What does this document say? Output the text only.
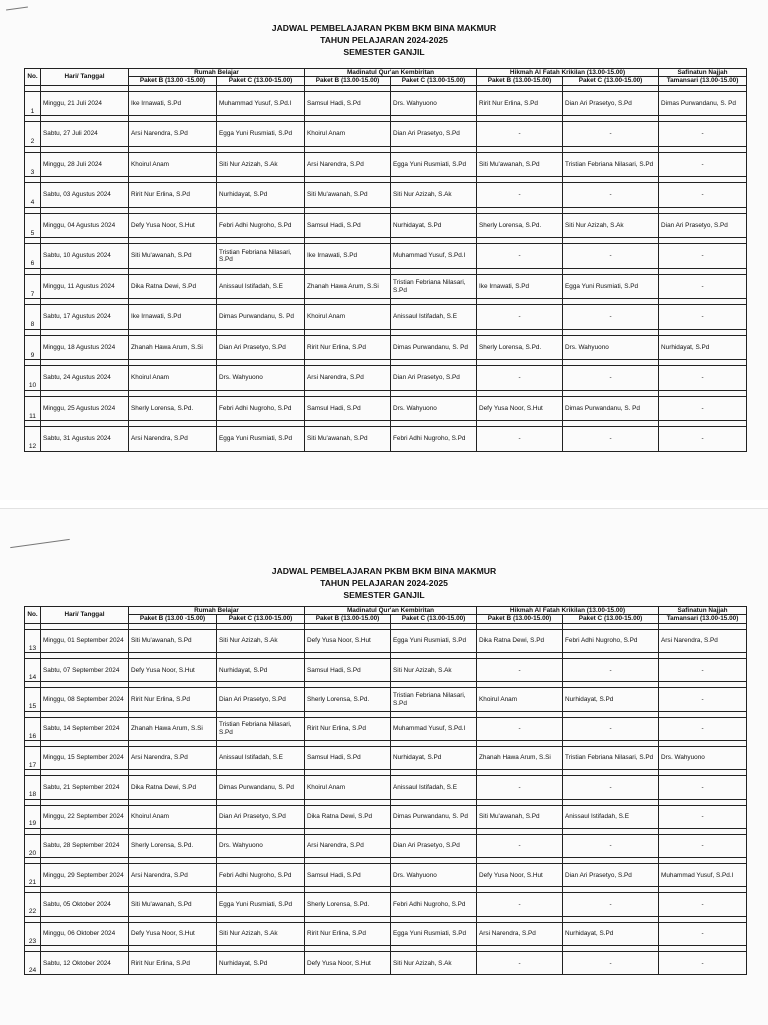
JADWAL PEMBELAJARAN PKBM BKM BINA MAKMUR
TAHUN PELAJARAN 2024-2025
SEMESTER GANJIL
No.	Hari/ Tanggal	Rumah Belajar		Madinatul Qur'an Kembiritan		Hikmah Al Fatah Krikilan (13.00-15.00)		Safinatun Najjah
		Paket B (13.00 -15.00)	Paket C (13.00-15.00)	Paket B (13.00-15.00)	Paket C (13.00-15.00)	Paket B (13.00-15.00)	Paket C (13.00-15.00)	Tamansari (13.00-15.00)

1	Minggu, 21 Juli 2024	Ike Irnawati, S.Pd	Muhammad Yusuf, S.Pd.I	Samsul Hadi, S.Pd	Drs. Wahyuono	Ririt Nur Erlina, S.Pd	Dian Ari Prasetyo, S.Pd	Dimas Purwandanu, S. Pd

2	Sabtu, 27 Juli 2024	Arsi Narendra, S.Pd	Egga Yuni Rusmiati, S.Pd	Khoirul Anam	Dian Ari Prasetyo, S.Pd	-	-	-

3	Minggu, 28 Juli 2024	Khoirul Anam	Siti Nur Azizah, S.Ak	Arsi Narendra, S.Pd	Egga Yuni Rusmiati, S.Pd	Siti Mu'awanah, S.Pd	Tristian Febriana Nilasari, S.Pd	-

4	Sabtu, 03 Agustus 2024	Ririt Nur Erlina, S.Pd	Nurhidayat, S.Pd	Siti Mu'awanah, S.Pd	Siti Nur Azizah, S.Ak	-	-	-

5	Minggu, 04 Agustus 2024	Defy Yusa Noor, S.Hut	Febri Adhi Nugroho, S.Pd	Samsul Hadi, S.Pd	Nurhidayat, S.Pd	Sherly Lorensa, S.Pd.	Siti Nur Azizah, S.Ak	Dian Ari Prasetyo, S.Pd

6	Sabtu, 10 Agustus 2024	Siti Mu'awanah, S.Pd	Tristian Febriana Nilasari, S.Pd	Ike Irnawati, S.Pd	Muhammad Yusuf, S.Pd.I	-	-	-

7	Minggu, 11 Agustus 2024	Dika Ratna Dewi, S.Pd	Anissaul Istifadah, S.E	Zhanah Hawa Arum, S.Si	Tristian Febriana Nilasari, S.Pd	Ike Irnawati, S.Pd	Egga Yuni Rusmiati, S.Pd	-

8	Sabtu, 17 Agustus 2024	Ike Irnawati, S.Pd	Dimas Purwandanu, S. Pd	Khoirul Anam	Anissaul Istifadah, S.E	-	-	-

9	Minggu, 18 Agustus 2024	Zhanah Hawa Arum, S.Si	Dian Ari Prasetyo, S.Pd	Ririt Nur Erlina, S.Pd	Dimas Purwandanu, S. Pd	Sherly Lorensa, S.Pd.	Drs. Wahyuono	Nurhidayat, S.Pd

10	Sabtu, 24 Agustus 2024	Khoirul Anam	Drs. Wahyuono	Arsi Narendra, S.Pd	Dian Ari Prasetyo, S.Pd	-	-	-

11	Minggu, 25 Agustus 2024	Sherly Lorensa, S.Pd.	Febri Adhi Nugroho, S.Pd	Samsul Hadi, S.Pd	Drs. Wahyuono	Defy Yusa Noor, S.Hut	Dimas Purwandanu, S. Pd	-

12	Sabtu, 31 Agustus 2024	Arsi Narendra, S.Pd	Egga Yuni Rusmiati, S.Pd	Siti Mu'awanah, S.Pd	Febri Adhi Nugroho, S.Pd	-	-	-
JADWAL PEMBELAJARAN PKBM BKM BINA MAKMUR
TAHUN PELAJARAN 2024-2025
SEMESTER GANJIL
No.	Hari/ Tanggal	Rumah Belajar		Madinatul Qur'an Kembiritan		Hikmah Al Fatah Krikilan (13.00-15.00)		Safinatun Najjah
		Paket B (13.00 -15.00)	Paket C (13.00-15.00)	Paket B (13.00-15.00)	Paket C (13.00-15.00)	Paket B (13.00-15.00)	Paket C (13.00-15.00)	Tamansari (13.00-15.00)

13	Minggu, 01 September 2024	Siti Mu'awanah, S.Pd	Siti Nur Azizah, S.Ak	Defy Yusa Noor, S.Hut	Egga Yuni Rusmiati, S.Pd	Dika Ratna Dewi, S.Pd	Febri Adhi Nugroho, S.Pd	Arsi Narendra, S.Pd

14	Sabtu, 07 September 2024	Defy Yusa Noor, S.Hut	Nurhidayat, S.Pd	Samsul Hadi, S.Pd	Siti Nur Azizah, S.Ak	-	-	-

15	Minggu, 08 September 2024	Ririt Nur Erlina, S.Pd	Dian Ari Prasetyo, S.Pd	Sherly Lorensa, S.Pd.	Tristian Febriana Nilasari, S.Pd	Khoirul Anam	Nurhidayat, S.Pd	-

16	Sabtu, 14 September 2024	Zhanah Hawa Arum, S.Si	Tristian Febriana Nilasari, S.Pd	Ririt Nur Erlina, S.Pd	Muhammad Yusuf, S.Pd.I	-	-	-

17	Minggu, 15 September 2024	Arsi Narendra, S.Pd	Anissaul Istifadah, S.E	Samsul Hadi, S.Pd	Nurhidayat, S.Pd	Zhanah Hawa Arum, S.Si	Tristian Febriana Nilasari, S.Pd	Drs. Wahyuono

18	Sabtu, 21 September 2024	Dika Ratna Dewi, S.Pd	Dimas Purwandanu, S. Pd	Khoirul Anam	Anissaul Istifadah, S.E	-	-	-

19	Minggu, 22 September 2024	Khoirul Anam	Dian Ari Prasetyo, S.Pd	Dika Ratna Dewi, S.Pd	Dimas Purwandanu, S. Pd	Siti Mu'awanah, S.Pd	Anissaul Istifadah, S.E	-

20	Sabtu, 28 September 2024	Sherly Lorensa, S.Pd.	Drs. Wahyuono	Arsi Narendra, S.Pd	Dian Ari Prasetyo, S.Pd	-	-	-

21	Minggu, 29 September 2024	Arsi Narendra, S.Pd	Febri Adhi Nugroho, S.Pd	Samsul Hadi, S.Pd	Drs. Wahyuono	Defy Yusa Noor, S.Hut	Dian Ari Prasetyo, S.Pd	Muhammad Yusuf, S.Pd.I

22	Sabtu, 05 Oktober 2024	Siti Mu'awanah, S.Pd	Egga Yuni Rusmiati, S.Pd	Sherly Lorensa, S.Pd.	Febri Adhi Nugroho, S.Pd	-	-	-

23	Minggu, 06 Oktober 2024	Defy Yusa Noor, S.Hut	Siti Nur Azizah, S.Ak	Ririt Nur Erlina, S.Pd	Egga Yuni Rusmiati, S.Pd	Arsi Narendra, S.Pd	Nurhidayat, S.Pd	-

24	Sabtu, 12 Oktober 2024	Ririt Nur Erlina, S.Pd	Nurhidayat, S.Pd	Defy Yusa Noor, S.Hut	Siti Nur Azizah, S.Ak	-	-	-
